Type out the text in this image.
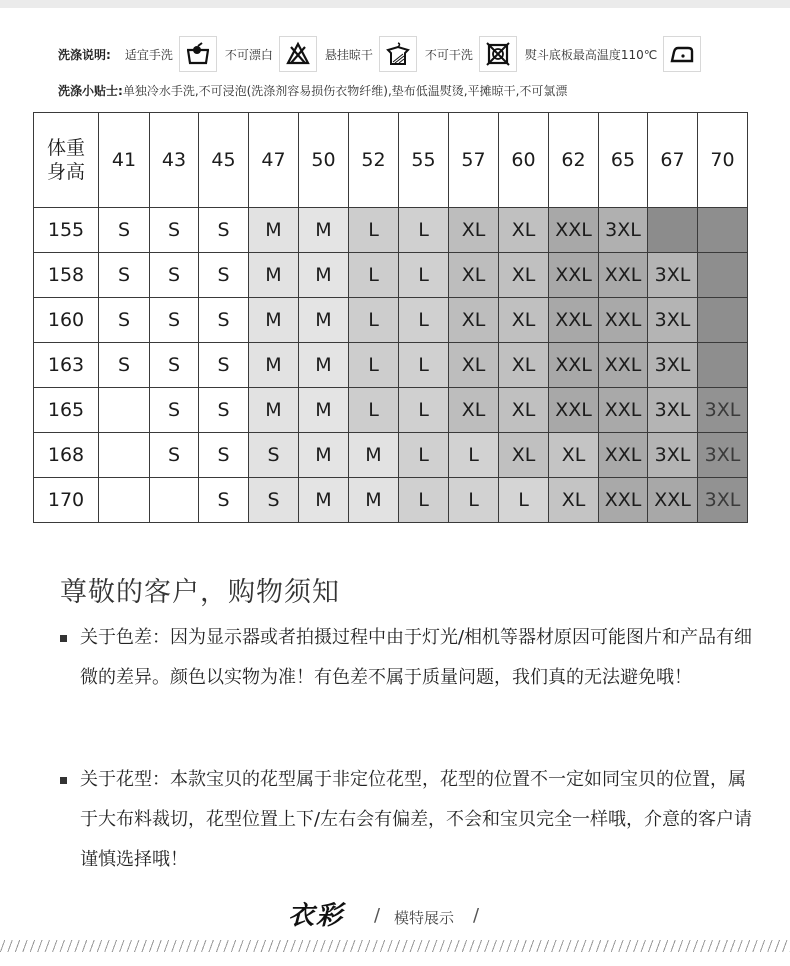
洗涤说明: 适宜手洗	不可漂白	悬挂晾干	不可干洗	熨斗底板最高温度110℃
洗涤小贴士:单独冷水手洗,不可浸泡(洗涤剂容易损伤衣物纤维),垫布低温熨烫,平摊晾干,不可氯漂
体重
身高	41	43	45	47	50	52	55	57	60	62	65	67	70
155	S	S	S	M	M	L	L	XL	XL	XXL	3XL		
158	S	S	S	M	M	L	L	XL	XL	XXL	XXL	3XL	
160	S	S	S	M	M	L	L	XL	XL	XXL	XXL	3XL	
163	S	S	S	M	M	L	L	XL	XL	XXL	XXL	3XL	
165		S	S	M	M	L	L	XL	XL	XXL	XXL	3XL	3XL
168		S	S	S	M	M	L	L	XL	XL	XXL	3XL	3XL
170			S	S	M	M	L	L	L	XL	XXL	XXL	3XL
尊敬的客户，购物须知
关于色差：因为显示器或者拍摄过程中由于灯光/相机等器材原因可能图片和产品有细微的差异。颜色以实物为准！有色差不属于质量问题，我们真的无法避免哦！
关于花型：本款宝贝的花型属于非定位花型，花型的位置不一定如同宝贝的位置，属于大布料裁切，花型位置上下/左右会有偏差，不会和宝贝完全一样哦，介意的客户请谨慎选择哦！
衣彩 / 模特展示 /
